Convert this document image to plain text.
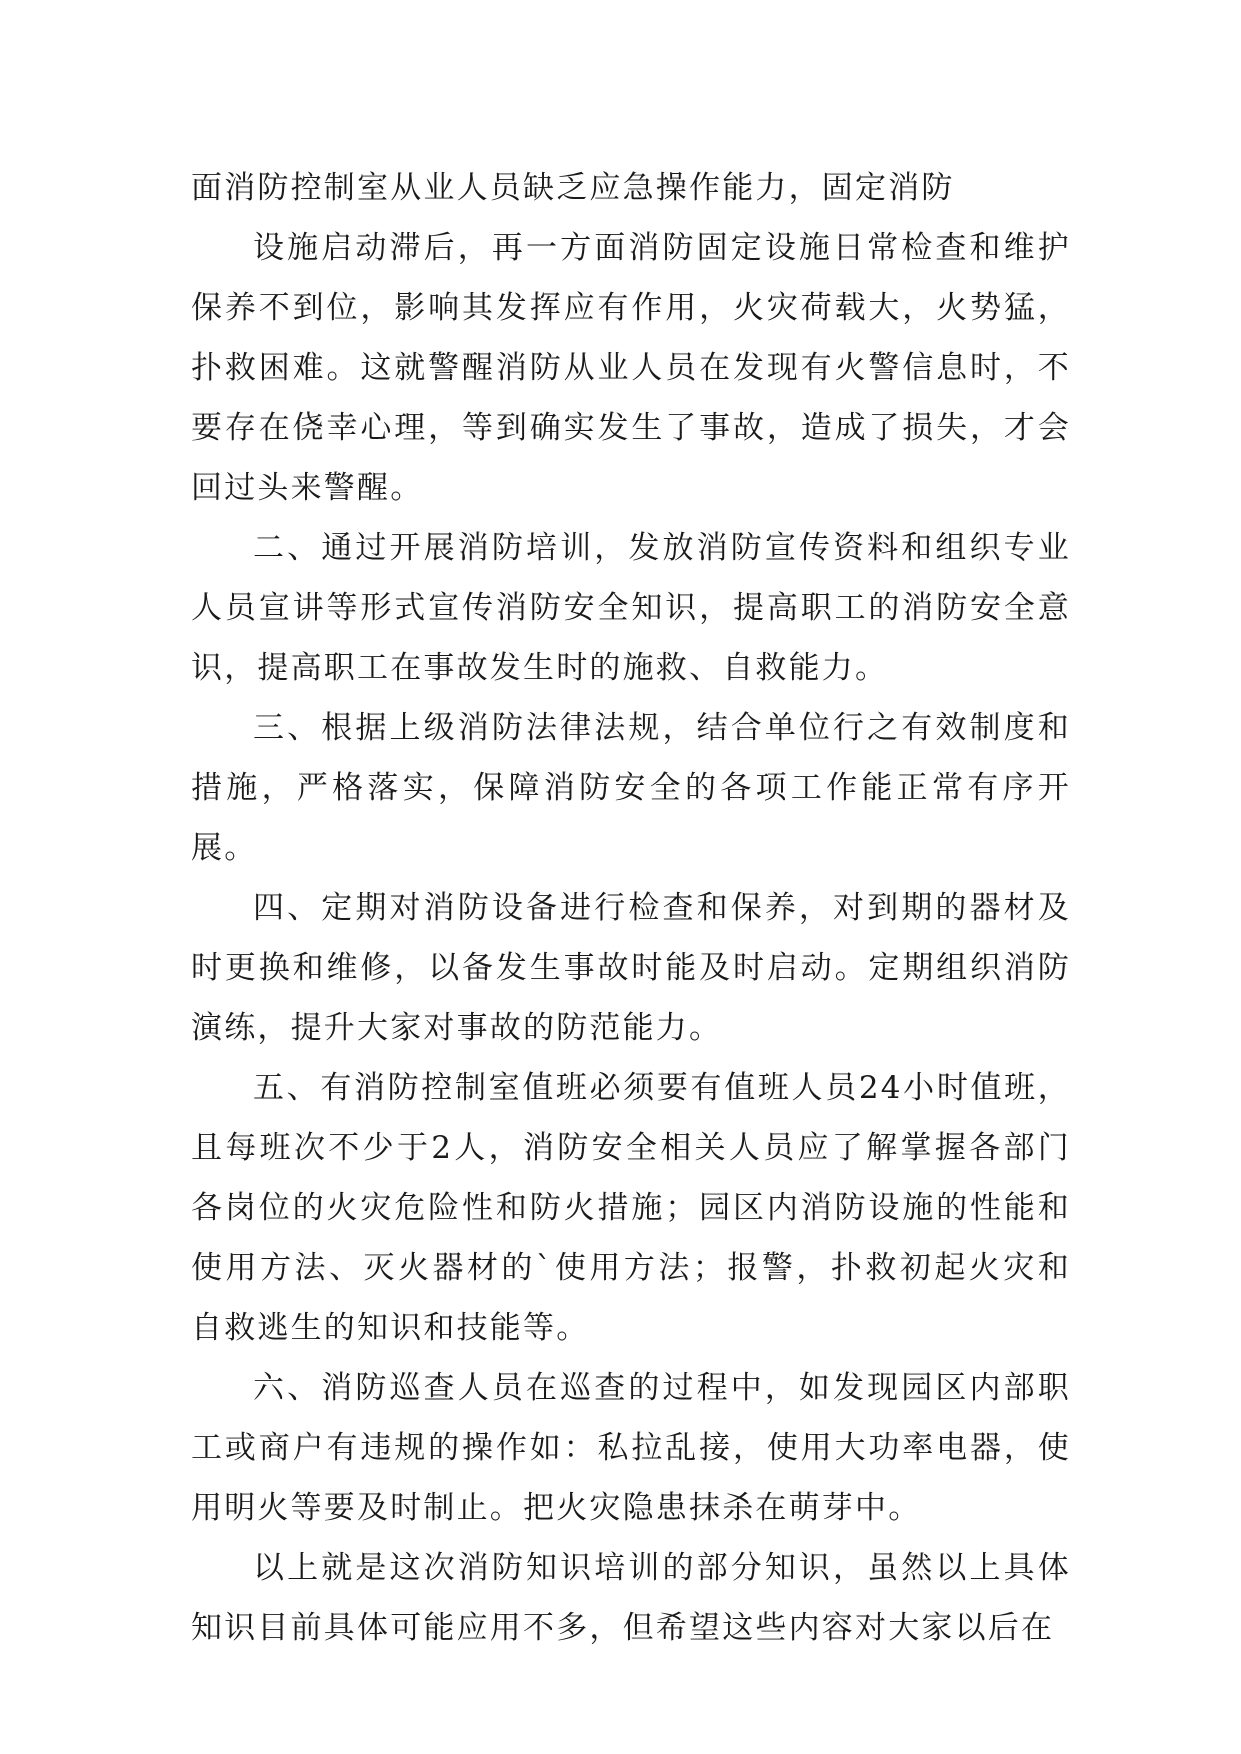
面消防控制室从业人员缺乏应急操作能力，固定消防

设施启动滞后，再一方面消防固定设施日常检查和维护保养不到位，影响其发挥应有作用，火灾荷载大，火势猛，扑救困难。这就警醒消防从业人员在发现有火警信息时，不要存在侥幸心理，等到确实发生了事故，造成了损失，才会回过头来警醒。

二、通过开展消防培训，发放消防宣传资料和组织专业人员宣讲等形式宣传消防安全知识，提高职工的消防安全意识，提高职工在事故发生时的施救、自救能力。

三、根据上级消防法律法规，结合单位行之有效制度和措施，严格落实，保障消防安全的各项工作能正常有序开展。

四、定期对消防设备进行检查和保养，对到期的器材及时更换和维修，以备发生事故时能及时启动。定期组织消防演练，提升大家对事故的防范能力。

五、有消防控制室值班必须要有值班人员24小时值班，且每班次不少于2人，消防安全相关人员应了解掌握各部门各岗位的火灾危险性和防火措施；园区内消防设施的性能和使用方法、灭火器材的`使用方法；报警，扑救初起火灾和自救逃生的知识和技能等。

六、消防巡查人员在巡查的过程中，如发现园区内部职工或商户有违规的操作如：私拉乱接，使用大功率电器，使用明火等要及时制止。把火灾隐患抹杀在萌芽中。

以上就是这次消防知识培训的部分知识，虽然以上具体知识目前具体可能应用不多，但希望这些内容对大家以后在
